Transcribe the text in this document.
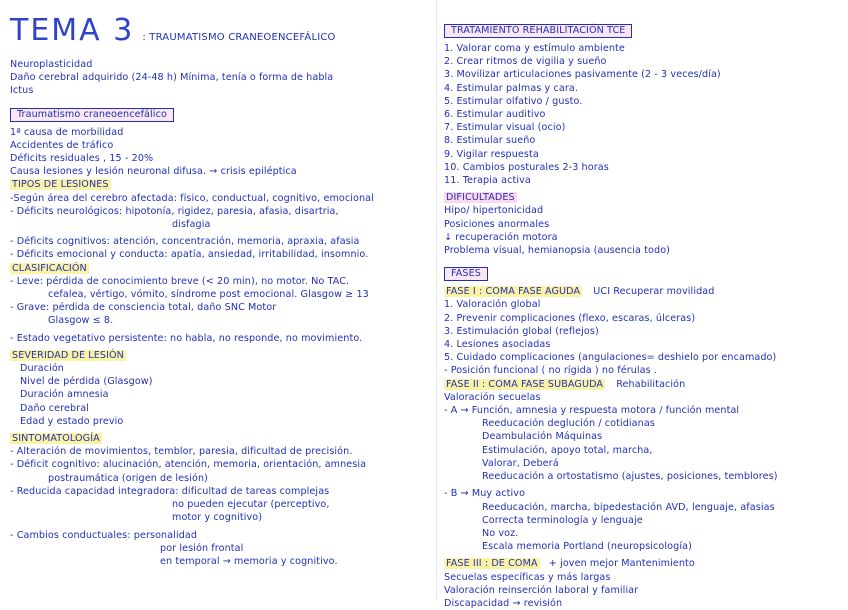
TEMA 3 : TRAUMATISMO CRANEOENCEFÁLICO
Neuroplasticidad
Daño cerebral adquirido (24-48 h) Mínima, tenía o forma de habla
Ictus
Traumatismo craneoencefálico
1ª causa de morbilidad
Accidentes de tráfico
Déficits residuales , 15 - 20%
Causa lesiones y lesión neuronal difusa. → crisis epiléptica
TIPOS DE LESIONES
-Según área del cerebro afectada: físico, conductual, cognitivo, emocional
- Déficits neurológicos: hipotonía, rigidez, paresia, afasia, disartria,
disfagia
- Déficits cognitivos: atención, concentración, memoria, apraxia, afasia
- Déficits emocional y conducta: apatía, ansiedad, irritabilidad, insomnio.
CLASIFICACIÓN
- Leve: pérdida de conocimiento breve (< 20 min), no motor. No TAC.
cefalea, vértigo, vómito, síndrome post emocional. Glasgow ≥ 13
- Grave: pérdida de consciencia total, daño SNC Motor
Glasgow ≤ 8.
- Estado vegetativo persistente: no habla, no responde, no movimiento.
SEVERIDAD DE LESIÓN
Duración
Nivel de pérdida (Glasgow)
Duración amnesia
Daño cerebral
Edad y estado previo
SINTOMATOLOGÍA
- Alteración de movimientos, temblor, paresia, dificultad de precisión.
- Déficit cognitivo: alucinación, atención, memoria, orientación, amnesia
postraumática (origen de lesión)
- Reducida capacidad integradora: dificultad de tareas complejas
no pueden ejecutar (perceptivo,
motor y cognitivo)
- Cambios conductuales: personalidad
por lesión frontal
en temporal → memoria y cognitivo.
TRATAMIENTO REHABILITACIÓN TCE
1. Valorar coma y estímulo ambiente
2. Crear ritmos de vigilia y sueño
3. Movilizar articulaciones pasivamente (2 - 3 veces/día)
4. Estimular palmas y cara.
5. Estimular olfativo / gusto.
6. Estimular auditivo
7. Estimular visual (ocio)
8. Estimular sueño
9. Vigilar respuesta
10. Cambios posturales 2-3 horas
11. Terapia activa
DIFICULTADES
Hipo/ hipertonicidad
Posiciones anormales
↓ recuperación motora
Problema visual, hemianopsia (ausencia todo)
FASES
FASE I : COMA FASE AGUDA UCI Recuperar movilidad
1. Valoración global
2. Prevenir complicaciones (flexo, escaras, úlceras)
3. Estimulación global (reflejos)
4. Lesiones asociadas
5. Cuidado complicaciones (angulaciones= deshielo por encamado)
- Posición funcional ( no rígida ) no férulas .
FASE II : COMA FASE SUBAGUDA Rehabilitación
Valoración secuelas
- A → Función, amnesia y respuesta motora / función mental
Reeducación deglución / cotidianas
Deambulación Máquinas
Estimulación, apoyo total, marcha,
Valorar, Deberá
Reeducación a ortostatismo (ajustes, posiciones, temblores)
- B → Muy activo
Reeducación, marcha, bipedestación AVD, lenguaje, afasias
Correcta terminología y lenguaje
No voz.
Escala memoria Portland (neuropsicología)
FASE III : DE COMA + joven mejor Mantenimiento
Secuelas específicas y más largas
Valoración reinserción laboral y familiar
Discapacidad → revisión
